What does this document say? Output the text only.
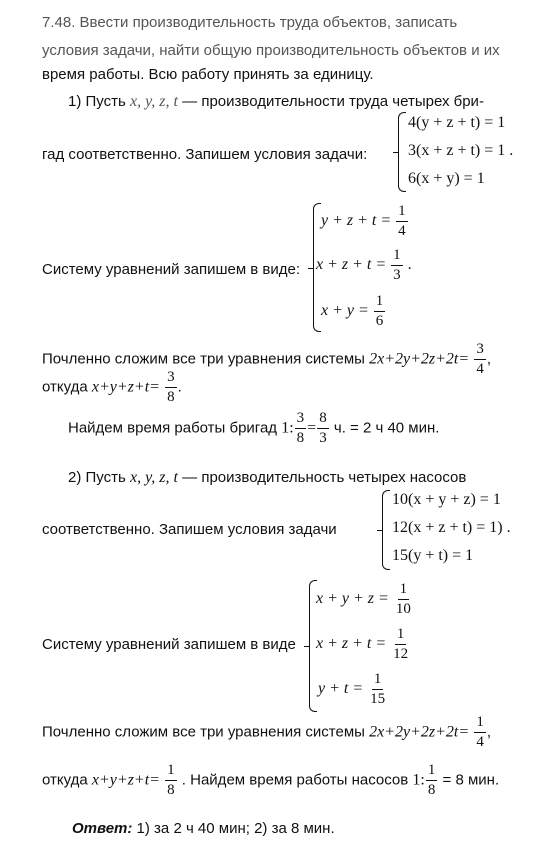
7.48. Ввести производительность труда объектов, записать
условия задачи, найти общую производительность объектов и их
время работы. Всю работу принять за единицу.
1) Пусть x, y, z, t — производительности труда четырех бри-
гад соответственно. Запишем условия задачи:
4(y + z + t) = 1
3(x + z + t) = 1 .
6(x + y) = 1
Систему уравнений запишем в виде:
$y + z + t = \frac{1}{4}$
$x + z + t = \frac{1}{3}$ .
$x + y = \frac{1}{6}$
Почленно сложим все три уравнения системы $2x+2y+2z+2t= \frac{3}{4}$ ,
откуда $x+y+z+t= \frac{3}{8}$ .
Найдем время работы бригад 1: $\frac{3}{8} = \frac{8}{3} ч$. = 2 ч 40 мин.
2) Пусть x, y, z, t — производительность четырех насосов
соответственно. Запишем условия задачи
10(x + y + z) = 1
12(x + z + t) = 1) .
15(y + t) = 1
Систему уравнений запишем в виде
$x + y + z = \frac{1}{10}$
$x + z + t = \frac{1}{12}$
$y + t = \frac{1}{15}$
Почленно сложим все три уравнения системы $2x+2y+2z+2t= \frac{1}{4}$ ,
откуда $x+y+z+t= \frac{1}{8}$ . Найдем время работы насосов 1: $\frac{1}{8} = 8$ мин.
Ответ: 1) за 2 ч 40 мин; 2) за 8 мин.
